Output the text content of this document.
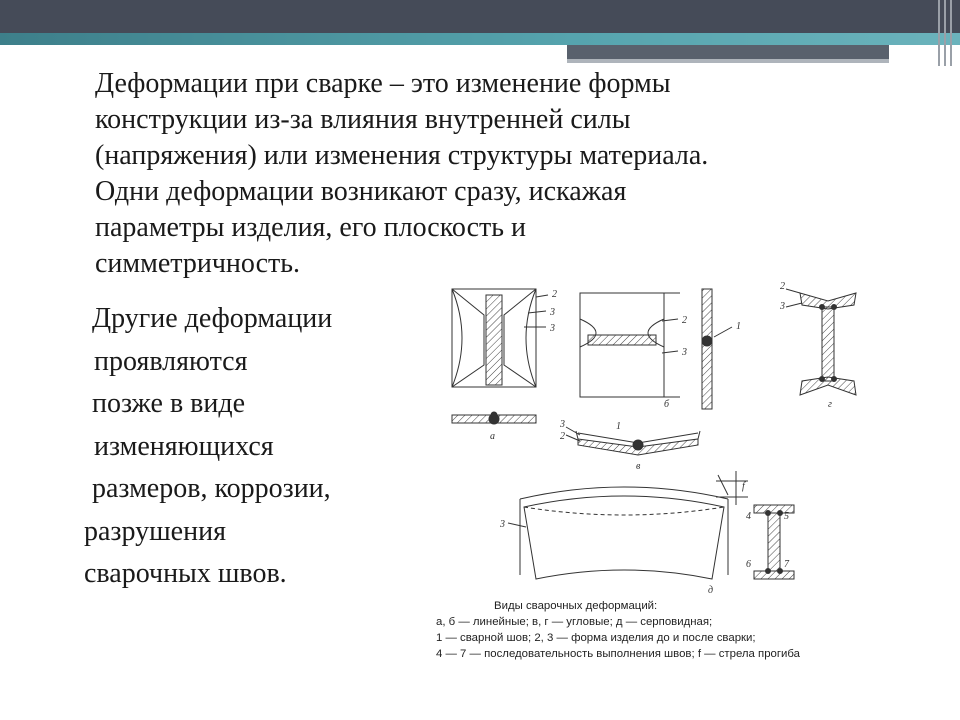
Деформации при сварке – это изменение формы
конструкции из-за влияния внутренней силы
(напряжения) или изменения структуры материала.
Одни деформации возникают сразу, искажая
параметры изделия, его плоскость и
симметричность.
Другие деформации
проявляются
позже в виде
изменяющихся
размеров, коррозии,
разрушения
сварочных швов.
2
3
3
а
2
3
1
б
2
3
г
3
2
1
в
3
4	5
6	7
f
д
Виды сварочных деформаций:
а, б — линейные; в, г — угловые; д — серповидная;
1 — сварной шов; 2, 3 — форма изделия до и после сварки;
4 — 7 — последовательность выполнения швов; f — стрела прогиба
